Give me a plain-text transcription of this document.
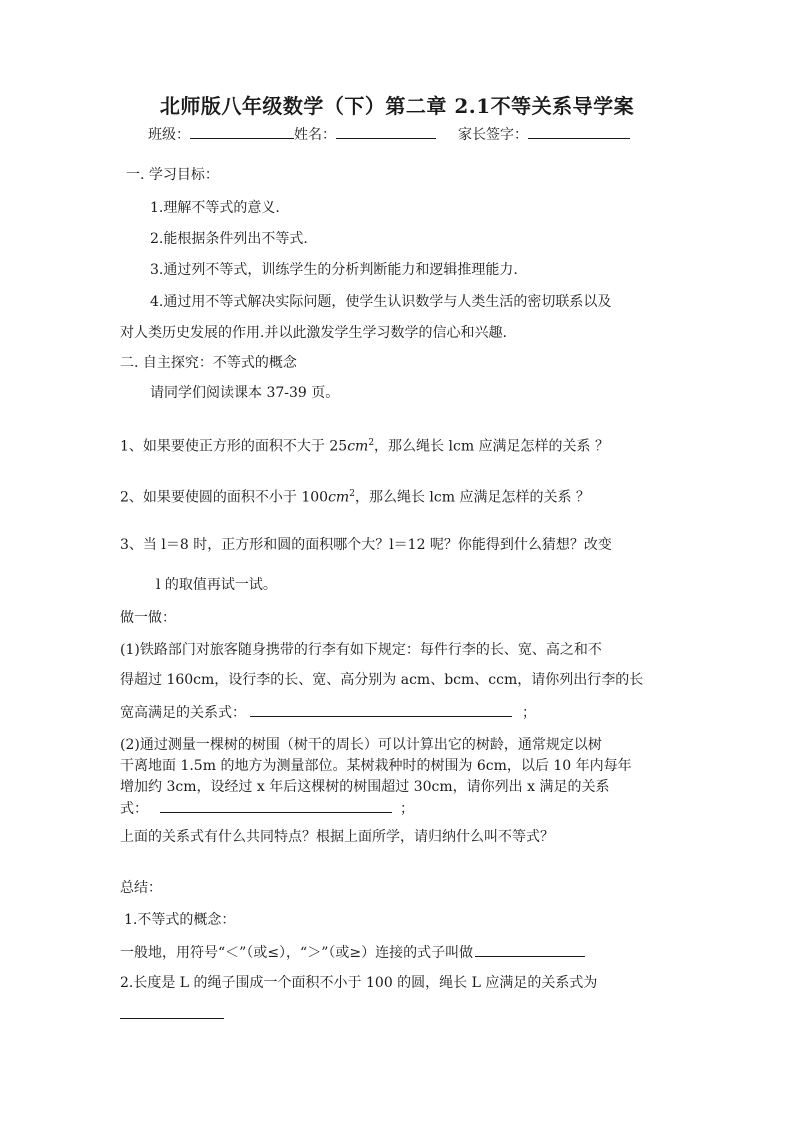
北师版八年级数学（下）第二章 2.1不等关系导学案
班级：	姓名：	家长签字：
一. 学习目标：
1.理解不等式的意义.
2.能根据条件列出不等式.
3.通过列不等式，训练学生的分析判断能力和逻辑推理能力.
4.通过用不等式解决实际问题，使学生认识数学与人类生活的密切联系以及
对人类历史发展的作用.并以此激发学生学习数学的信心和兴趣.
二. 自主探究：不等式的概念
请同学们阅读课本 37-39 页。
1、如果要使正方形的面积不大于 $25cm^2$，那么绳长 lcm 应满足怎样的关系 ？
2、如果要使圆的面积不小于 $100cm^2$，那么绳长 lcm 应满足怎样的关系 ？
3、当 l＝8 时，正方形和圆的面积哪个大？l＝12 呢？你能得到什么猜想？改变
l 的取值再试一试。
做一做：
(1)铁路部门对旅客随身携带的行李有如下规定：每件行李的长、宽、高之和不
得超过 160cm，设行李的长、宽、高分别为 acm、bcm、ccm，请你列出行李的长
宽高满足的关系式：	；
(2)通过测量一棵树的树围（树干的周长）可以计算出它的树龄，通常规定以树
干离地面 1.5m 的地方为测量部位。某树栽种时的树围为 6cm，以后 10 年内每年
增加约 3cm，设经过 x 年后这棵树的树围超过 30cm，请你列出 x 满足的关系
式：	；
上面的关系式有什么共同特点？根据上面所学，请归纳什么叫不等式？
总结：
1.不等式的概念：
一般地，用符号“＜”（或≤），“＞”（或≥）连接的式子叫做
2.长度是 L 的绳子围成一个面积不小于 100 的圆，绳长 L 应满足的关系式为
